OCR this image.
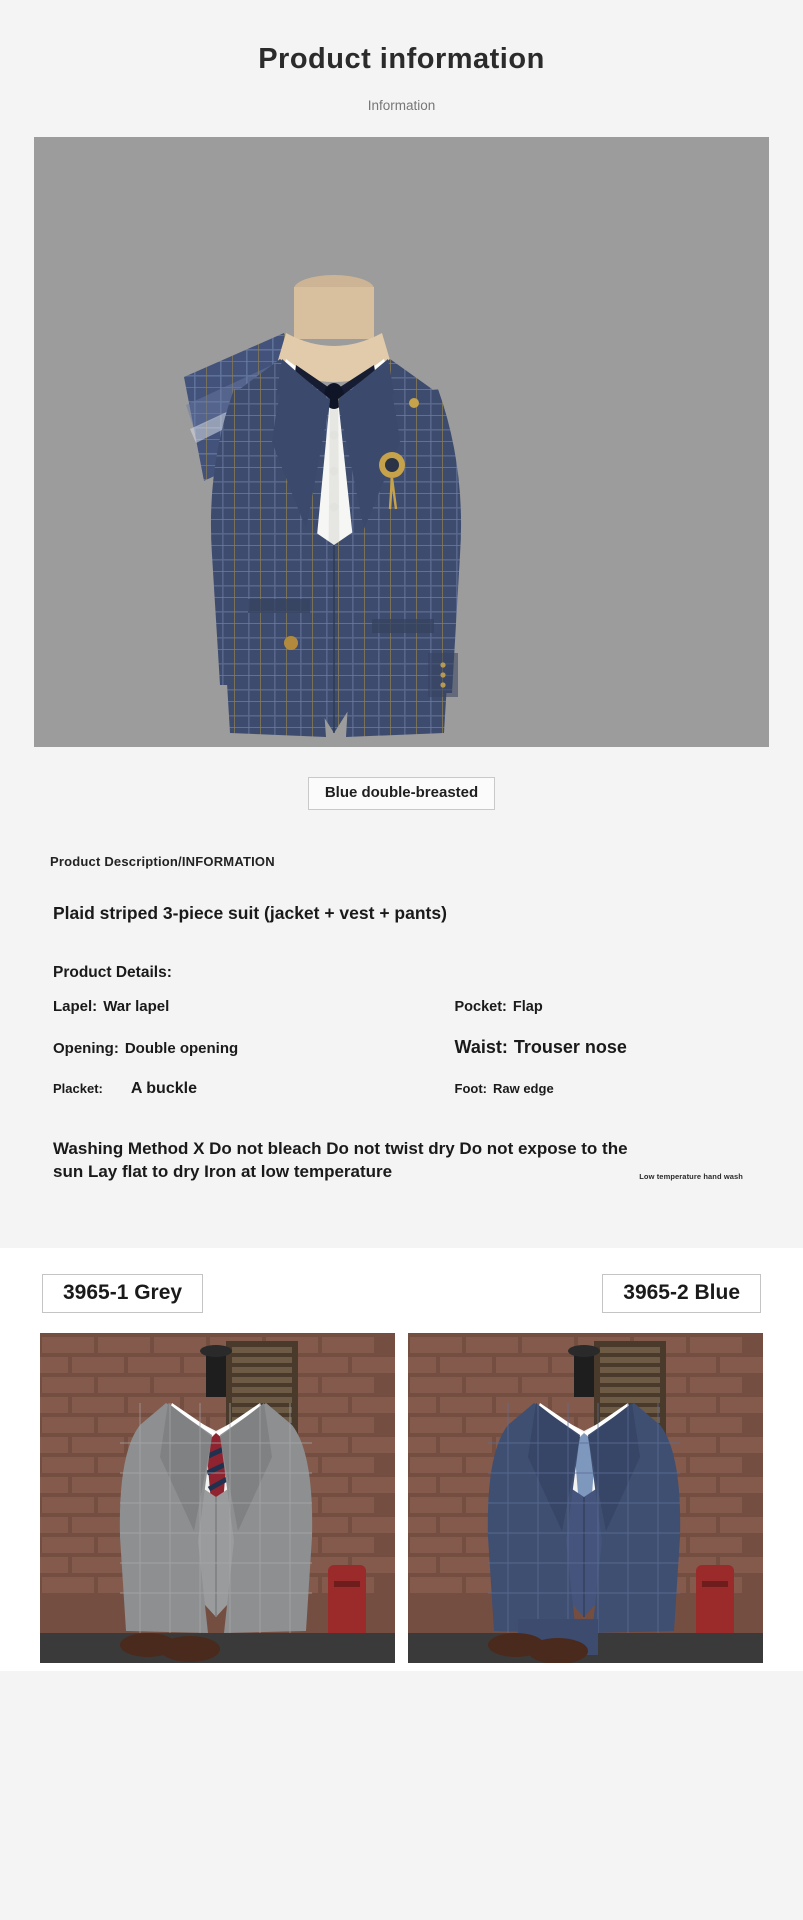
Product information
Information
Blue double-breasted
Product Description/INFORMATION
Plaid striped 3-piece suit (jacket + vest + pants)
Product Details:
Lapel: War lapel	Pocket: Flap
Opening: Double opening	Waist: Trouser nose
Placket: A buckle	Foot: Raw edge
Washing Method X Do not bleach Do not twist dry Do not expose to the sun Lay flat to dry Iron at low temperature	Low temperature hand wash
3965-1 Grey	3965-2 Blue
